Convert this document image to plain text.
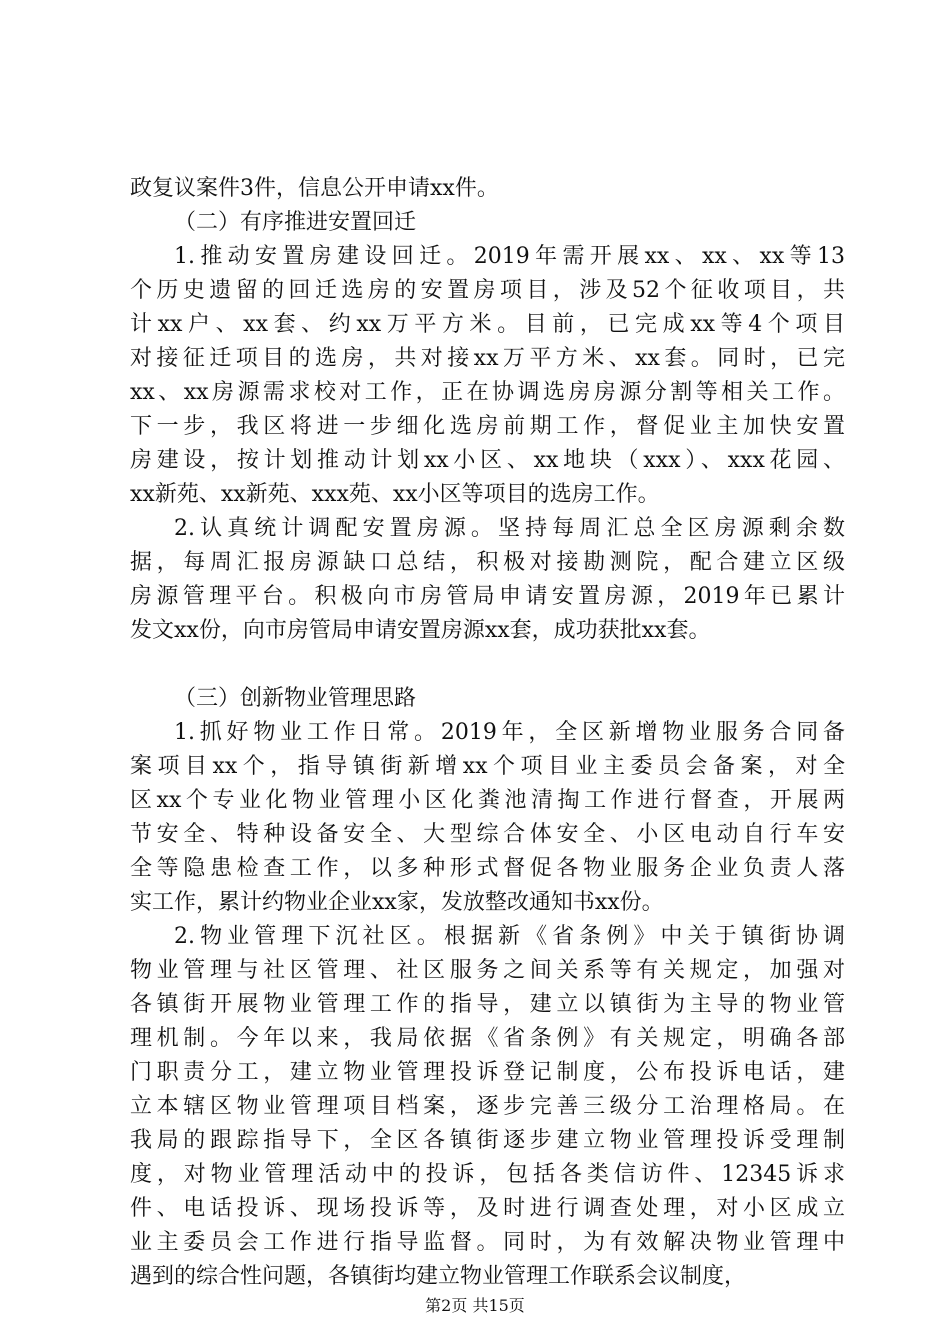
政复议案件3件，信息公开申请xx件。
（二）有序推进安置回迁
1.推动安置房建设回迁。2019年需开展xx、xx、xx等13
个历史遗留的回迁选房的安置房项目，涉及52个征收项目，共
计xx户、xx套、约xx万平方米。目前，已完成xx等4个项目
对接征迁项目的选房，共对接xx万平方米、xx套。同时，已完
xx、xx房源需求校对工作，正在协调选房房源分割等相关工作。
下一步，我区将进一步细化选房前期工作，督促业主加快安置
房建设，按计划推动计划xx小区、xx地块（xxx）、xxx花园、
xx新苑、xx新苑、xxx苑、xx小区等项目的选房工作。
2.认真统计调配安置房源。坚持每周汇总全区房源剩余数
据，每周汇报房源缺口总结，积极对接勘测院，配合建立区级
房源管理平台。积极向市房管局申请安置房源，2019年已累计
发文xx份，向市房管局申请安置房源xx套，成功获批xx套。
（三）创新物业管理思路
1.抓好物业工作日常。2019年，全区新增物业服务合同备
案项目xx个，指导镇街新增xx个项目业主委员会备案，对全
区xx个专业化物业管理小区化粪池清掏工作进行督查，开展两
节安全、特种设备安全、大型综合体安全、小区电动自行车安
全等隐患检查工作，以多种形式督促各物业服务企业负责人落
实工作，累计约物业企业xx家，发放整改通知书xx份。
2.物业管理下沉社区。根据新《省条例》中关于镇街协调
物业管理与社区管理、社区服务之间关系等有关规定，加强对
各镇街开展物业管理工作的指导，建立以镇街为主导的物业管
理机制。今年以来，我局依据《省条例》有关规定，明确各部
门职责分工，建立物业管理投诉登记制度，公布投诉电话，建
立本辖区物业管理项目档案，逐步完善三级分工治理格局。在
我局的跟踪指导下，全区各镇街逐步建立物业管理投诉受理制
度，对物业管理活动中的投诉，包括各类信访件、12345诉求
件、电话投诉、现场投诉等，及时进行调查处理，对小区成立
业主委员会工作进行指导监督。同时，为有效解决物业管理中
遇到的综合性问题，各镇街均建立物业管理工作联系会议制度，
第2页 共15页
